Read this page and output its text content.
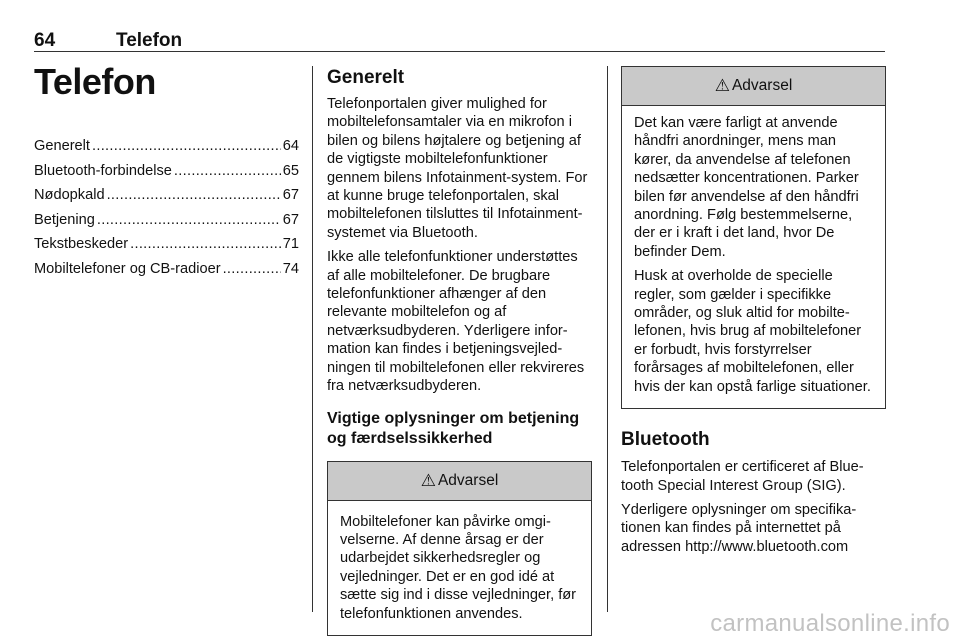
64	Telefon
Telefon
Generelt .....	64
Bluetooth-forbindelse .....	65
Nødopkald .....	67
Betjening .....	67
Tekstbeskeder .....	71
Mobiltelefoner og CB-radioer .....	74
Generelt

Telefonportalen giver mulighed for mobiltelefonsamtaler via en mikrofon i bilen og bilens højtalere og betjening af de vigtigste mobiltelefonfunktioner gennem bilens Infotainment-system. For at kunne bruge telefonportalen, skal mobiltelefonen tilsluttes til Infotainment-systemet via Bluetooth.

Ikke alle telefonfunktioner understøttes af alle mobiltelefoner. De brugbare telefonfunktioner afhænger af den relevante mobiltelefon og af netværksudbyderen. Yderligere information kan findes i betjeningsvejledningen til mobiltelefonen eller rekvireres fra netværksudbyderen.

Vigtige oplysninger om betjening og færdselssikkerhed
⚠ Advarsel

Mobiltelefoner kan påvirke omgivelserne. Af denne årsag er der udarbejdet sikkerhedsregler og vejledninger. Det er en god idé at sætte sig ind i disse vejledninger, før telefonfunktionen anvendes.

⚠ Advarsel

Det kan være farligt at anvende håndfri anordninger, mens man kører, da anvendelse af telefonen nedsætter koncentrationen. Parker bilen før anvendelse af den håndfri anordning. Følg bestemmelserne, der er i kraft i det land, hvor De befinder Dem.

Husk at overholde de specielle regler, som gælder i specifikke områder, og sluk altid for mobiltelefonen, hvis brug af mobiltelefoner er forbudt, hvis forstyrrelser forårsages af mobiltelefonen, eller hvis der kan opstå farlige situationer.

Bluetooth

Telefonportalen er certificeret af Bluetooth Special Interest Group (SIG).

Yderligere oplysninger om specifikationen kan findes på internettet på adressen http://www.bluetooth.com

carmanualsonline.info
